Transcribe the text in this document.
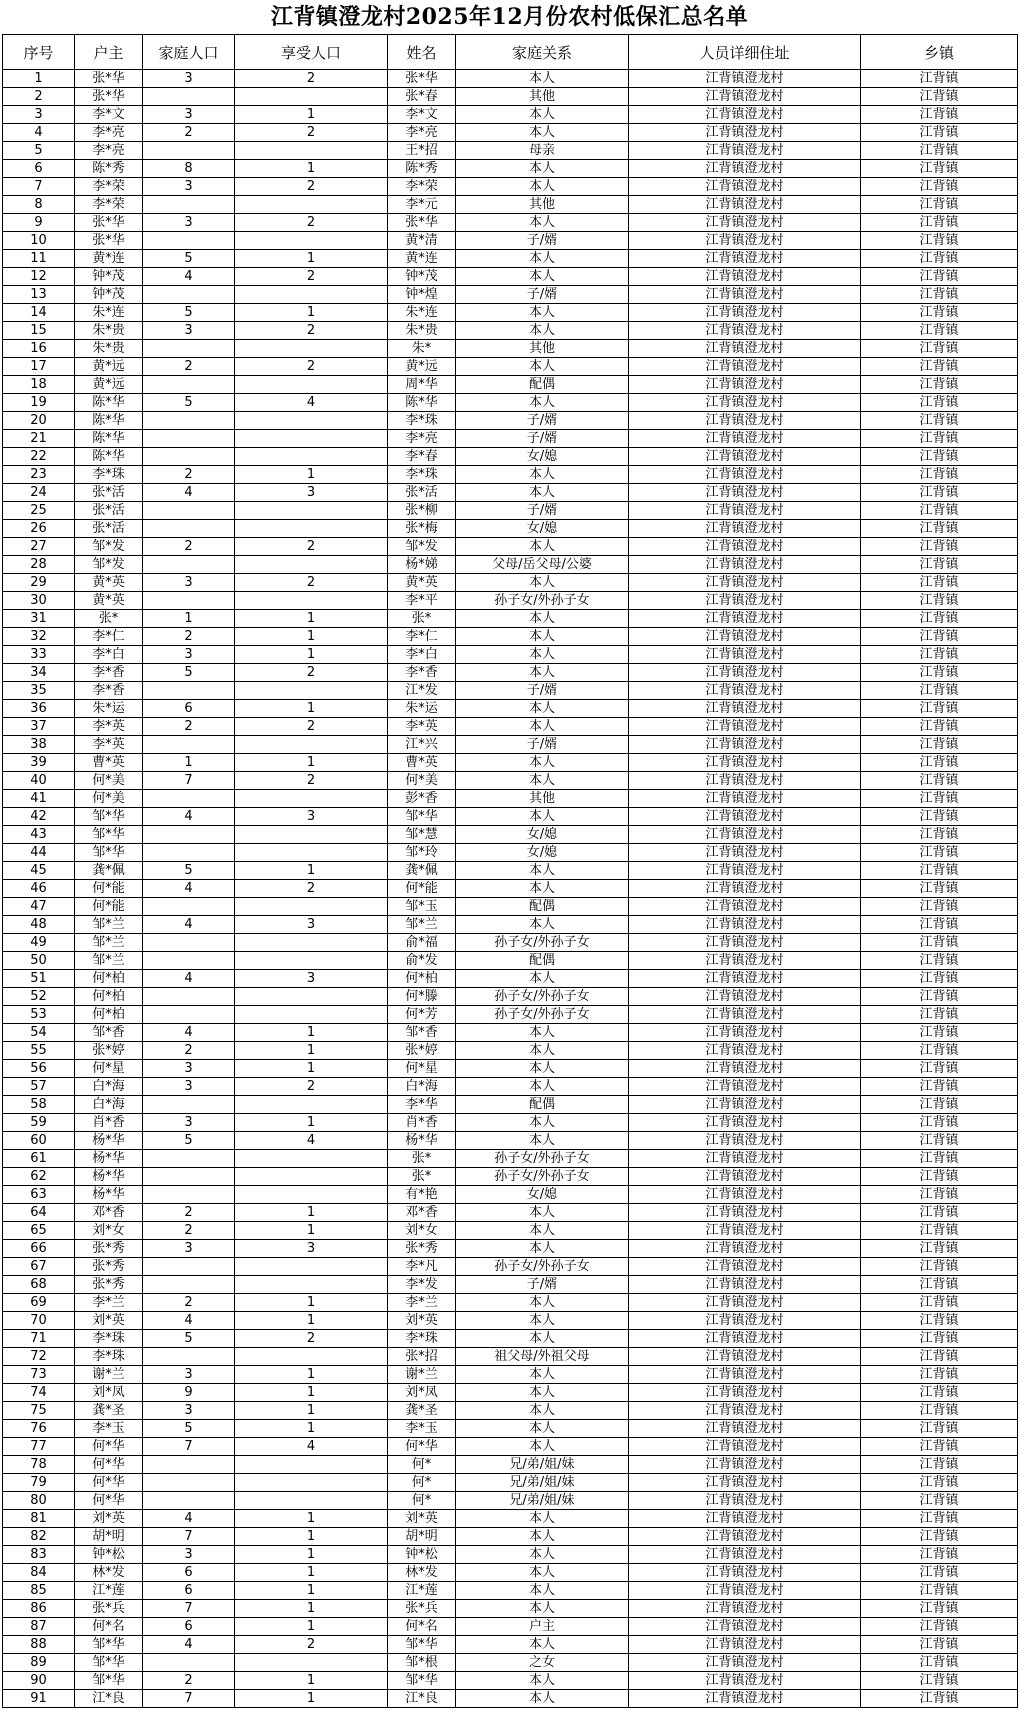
江背镇澄龙村2025年12月份农村低保汇总名单
序号	户主	家庭人口	享受人口	姓名	家庭关系	人员详细住址	乡镇
1	张*华	3	2	张*华	本人	江背镇澄龙村	江背镇
2	张*华			张*春	其他	江背镇澄龙村	江背镇
3	李*文	3	1	李*文	本人	江背镇澄龙村	江背镇
4	李*亮	2	2	李*亮	本人	江背镇澄龙村	江背镇
5	李*亮			王*招	母亲	江背镇澄龙村	江背镇
6	陈*秀	8	1	陈*秀	本人	江背镇澄龙村	江背镇
7	李*荣	3	2	李*荣	本人	江背镇澄龙村	江背镇
8	李*荣			李*元	其他	江背镇澄龙村	江背镇
9	张*华	3	2	张*华	本人	江背镇澄龙村	江背镇
10	张*华			黄*清	子/婿	江背镇澄龙村	江背镇
11	黄*连	5	1	黄*连	本人	江背镇澄龙村	江背镇
12	钟*茂	4	2	钟*茂	本人	江背镇澄龙村	江背镇
13	钟*茂			钟*煌	子/婿	江背镇澄龙村	江背镇
14	朱*连	5	1	朱*连	本人	江背镇澄龙村	江背镇
15	朱*贵	3	2	朱*贵	本人	江背镇澄龙村	江背镇
16	朱*贵			朱*	其他	江背镇澄龙村	江背镇
17	黄*远	2	2	黄*远	本人	江背镇澄龙村	江背镇
18	黄*远			周*华	配偶	江背镇澄龙村	江背镇
19	陈*华	5	4	陈*华	本人	江背镇澄龙村	江背镇
20	陈*华			李*珠	子/婿	江背镇澄龙村	江背镇
21	陈*华			李*亮	子/婿	江背镇澄龙村	江背镇
22	陈*华			李*春	女/媳	江背镇澄龙村	江背镇
23	李*珠	2	1	李*珠	本人	江背镇澄龙村	江背镇
24	张*活	4	3	张*活	本人	江背镇澄龙村	江背镇
25	张*活			张*柳	子/婿	江背镇澄龙村	江背镇
26	张*活			张*梅	女/媳	江背镇澄龙村	江背镇
27	邹*发	2	2	邹*发	本人	江背镇澄龙村	江背镇
28	邹*发			杨*娣	父母/岳父母/公婆	江背镇澄龙村	江背镇
29	黄*英	3	2	黄*英	本人	江背镇澄龙村	江背镇
30	黄*英			李*平	孙子女/外孙子女	江背镇澄龙村	江背镇
31	张*	1	1	张*	本人	江背镇澄龙村	江背镇
32	李*仁	2	1	李*仁	本人	江背镇澄龙村	江背镇
33	李*白	3	1	李*白	本人	江背镇澄龙村	江背镇
34	李*香	5	2	李*香	本人	江背镇澄龙村	江背镇
35	李*香			江*发	子/婿	江背镇澄龙村	江背镇
36	朱*运	6	1	朱*运	本人	江背镇澄龙村	江背镇
37	李*英	2	2	李*英	本人	江背镇澄龙村	江背镇
38	李*英			江*兴	子/婿	江背镇澄龙村	江背镇
39	曹*英	1	1	曹*英	本人	江背镇澄龙村	江背镇
40	何*美	7	2	何*美	本人	江背镇澄龙村	江背镇
41	何*美			彭*香	其他	江背镇澄龙村	江背镇
42	邹*华	4	3	邹*华	本人	江背镇澄龙村	江背镇
43	邹*华			邹*慧	女/媳	江背镇澄龙村	江背镇
44	邹*华			邹*玲	女/媳	江背镇澄龙村	江背镇
45	龚*佩	5	1	龚*佩	本人	江背镇澄龙村	江背镇
46	何*能	4	2	何*能	本人	江背镇澄龙村	江背镇
47	何*能			邹*玉	配偶	江背镇澄龙村	江背镇
48	邹*兰	4	3	邹*兰	本人	江背镇澄龙村	江背镇
49	邹*兰			俞*福	孙子女/外孙子女	江背镇澄龙村	江背镇
50	邹*兰			俞*发	配偶	江背镇澄龙村	江背镇
51	何*柏	4	3	何*柏	本人	江背镇澄龙村	江背镇
52	何*柏			何*滕	孙子女/外孙子女	江背镇澄龙村	江背镇
53	何*柏			何*芳	孙子女/外孙子女	江背镇澄龙村	江背镇
54	邹*香	4	1	邹*香	本人	江背镇澄龙村	江背镇
55	张*婷	2	1	张*婷	本人	江背镇澄龙村	江背镇
56	何*星	3	1	何*星	本人	江背镇澄龙村	江背镇
57	白*海	3	2	白*海	本人	江背镇澄龙村	江背镇
58	白*海			李*华	配偶	江背镇澄龙村	江背镇
59	肖*香	3	1	肖*香	本人	江背镇澄龙村	江背镇
60	杨*华	5	4	杨*华	本人	江背镇澄龙村	江背镇
61	杨*华			张*	孙子女/外孙子女	江背镇澄龙村	江背镇
62	杨*华			张*	孙子女/外孙子女	江背镇澄龙村	江背镇
63	杨*华			有*艳	女/媳	江背镇澄龙村	江背镇
64	邓*香	2	1	邓*香	本人	江背镇澄龙村	江背镇
65	刘*女	2	1	刘*女	本人	江背镇澄龙村	江背镇
66	张*秀	3	3	张*秀	本人	江背镇澄龙村	江背镇
67	张*秀			李*凡	孙子女/外孙子女	江背镇澄龙村	江背镇
68	张*秀			李*发	子/婿	江背镇澄龙村	江背镇
69	李*兰	2	1	李*兰	本人	江背镇澄龙村	江背镇
70	刘*英	4	1	刘*英	本人	江背镇澄龙村	江背镇
71	李*珠	5	2	李*珠	本人	江背镇澄龙村	江背镇
72	李*珠			张*招	祖父母/外祖父母	江背镇澄龙村	江背镇
73	谢*兰	3	1	谢*兰	本人	江背镇澄龙村	江背镇
74	刘*凤	9	1	刘*凤	本人	江背镇澄龙村	江背镇
75	龚*圣	3	1	龚*圣	本人	江背镇澄龙村	江背镇
76	李*玉	5	1	李*玉	本人	江背镇澄龙村	江背镇
77	何*华	7	4	何*华	本人	江背镇澄龙村	江背镇
78	何*华			何*	兄/弟/姐/妹	江背镇澄龙村	江背镇
79	何*华			何*	兄/弟/姐/妹	江背镇澄龙村	江背镇
80	何*华			何*	兄/弟/姐/妹	江背镇澄龙村	江背镇
81	刘*英	4	1	刘*英	本人	江背镇澄龙村	江背镇
82	胡*明	7	1	胡*明	本人	江背镇澄龙村	江背镇
83	钟*松	3	1	钟*松	本人	江背镇澄龙村	江背镇
84	林*发	6	1	林*发	本人	江背镇澄龙村	江背镇
85	江*莲	6	1	江*莲	本人	江背镇澄龙村	江背镇
86	张*兵	7	1	张*兵	本人	江背镇澄龙村	江背镇
87	何*名	6	1	何*名	户主	江背镇澄龙村	江背镇
88	邹*华	4	2	邹*华	本人	江背镇澄龙村	江背镇
89	邹*华			邹*根	之女	江背镇澄龙村	江背镇
90	邹*华	2	1	邹*华	本人	江背镇澄龙村	江背镇
91	江*良	7	1	江*良	本人	江背镇澄龙村	江背镇
